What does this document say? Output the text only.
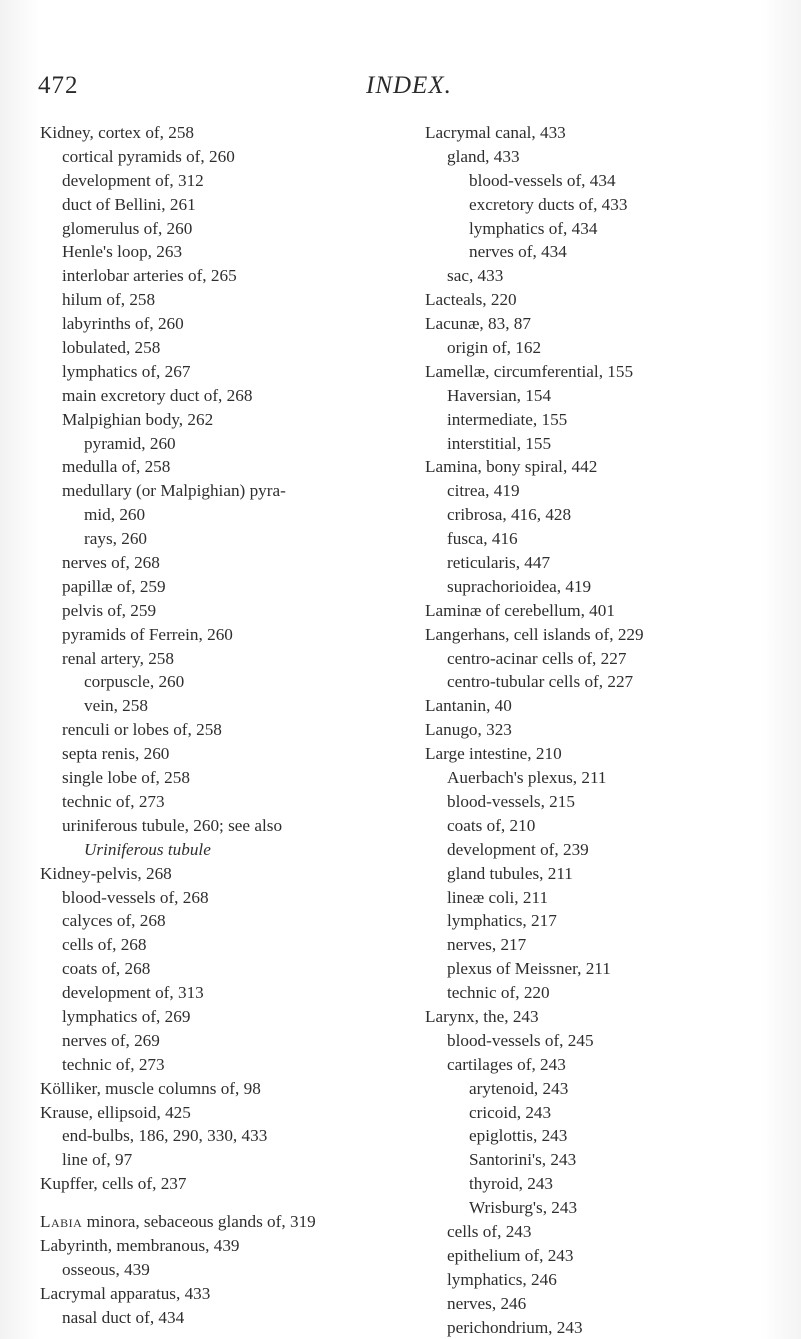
472	INDEX.
Kidney, cortex of, 258
cortical pyramids of, 260
development of, 312
duct of Bellini, 261
glomerulus of, 260
Henle's loop, 263
interlobar arteries of, 265
hilum of, 258
labyrinths of, 260
lobulated, 258
lymphatics of, 267
main excretory duct of, 268
Malpighian body, 262
pyramid, 260
medulla of, 258
medullary (or Malpighian) pyra-
mid, 260
rays, 260
nerves of, 268
papillæ of, 259
pelvis of, 259
pyramids of Ferrein, 260
renal artery, 258
corpuscle, 260
vein, 258
renculi or lobes of, 258
septa renis, 260
single lobe of, 258
technic of, 273
uriniferous tubule, 260; see also
Uriniferous tubule
Kidney-pelvis, 268
blood-vessels of, 268
calyces of, 268
cells of, 268
coats of, 268
development of, 313
lymphatics of, 269
nerves of, 269
technic of, 273
Kölliker, muscle columns of, 98
Krause, ellipsoid, 425
end-bulbs, 186, 290, 330, 433
line of, 97
Kupffer, cells of, 237
Labia minora, sebaceous glands of, 319
Labyrinth, membranous, 439
osseous, 439
Lacrymal apparatus, 433
nasal duct of, 434
Lacrymal canal, 433
gland, 433
blood-vessels of, 434
excretory ducts of, 433
lymphatics of, 434
nerves of, 434
sac, 433
Lacteals, 220
Lacunæ, 83, 87
origin of, 162
Lamellæ, circumferential, 155
Haversian, 154
intermediate, 155
interstitial, 155
Lamina, bony spiral, 442
citrea, 419
cribrosa, 416, 428
fusca, 416
reticularis, 447
suprachorioidea, 419
Laminæ of cerebellum, 401
Langerhans, cell islands of, 229
centro-acinar cells of, 227
centro-tubular cells of, 227
Lantanin, 40
Lanugo, 323
Large intestine, 210
Auerbach's plexus, 211
blood-vessels, 215
coats of, 210
development of, 239
gland tubules, 211
lineæ coli, 211
lymphatics, 217
nerves, 217
plexus of Meissner, 211
technic of, 220
Larynx, the, 243
blood-vessels of, 245
cartilages of, 243
arytenoid, 243
cricoid, 243
epiglottis, 243
Santorini's, 243
thyroid, 243
Wrisburg's, 243
cells of, 243
epithelium of, 243
lymphatics, 246
nerves, 246
perichondrium, 243
